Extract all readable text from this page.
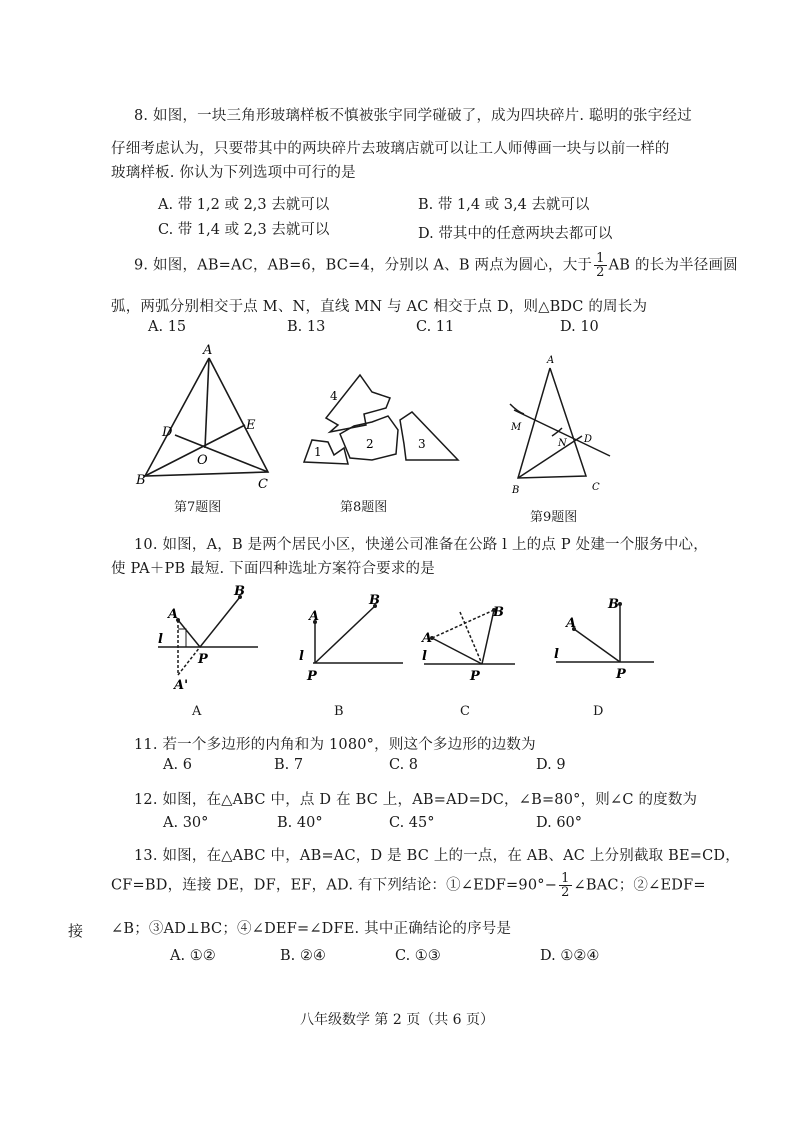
8. 如图，一块三角形玻璃样板不慎被张宇同学碰破了，成为四块碎片. 聪明的张宇经过
仔细考虑认为，只要带其中的两块碎片去玻璃店就可以让工人师傅画一块与以前一样的
玻璃样板. 你认为下列选项中可行的是
A. 带 1,2 或 2,3 去就可以	B. 带 1,4 或 3,4 去就可以
C. 带 1,4 或 2,3 去就可以	D. 带其中的任意两块去都可以
9. 如图，AB=AC，AB=6，BC=4，分别以 A、B 两点为圆心，大于 $\frac{1}{2}$ AB 的长为半径画圆
弧，两弧分别相交于点 M、N，直线 MN 与 AC 相交于点 D，则△BDC 的周长为
A. 15	B. 13	C. 11	D. 10
A
B	C
D	E
O
第7题图
4
1
2	3
第8题图
A
B	C
D
M
N
第9题图
10. 如图，A，B 是两个居民小区，快递公司准备在公路 l 上的点 P 处建一个服务中心，
使 PA＋PB 最短. 下面四种选址方案符合要求的是
A
B
P
l
A'
A
A
B
P
l
B
A
B
P
l
C
A
B
P
l
D
11. 若一个多边形的内角和为 1080°，则这个多边形的边数为
A. 6	B. 7	C. 8	D. 9
12. 如图，在△ABC 中，点 D 在 BC 上，AB=AD=DC，∠B=80°，则∠C 的度数为
A. 30°	B. 40°	C. 45°	D. 60°
13. 如图，在△ABC 中，AB=AC，D 是 BC 上的一点，在 AB、AC 上分别截取 BE=CD，
CF=BD，连接 DE，DF，EF，AD. 有下列结论：①∠EDF=90°− $\frac{1}{2}$ ∠BAC；②∠EDF=
∠B；③AD⊥BC；④∠DEF=∠DFE. 其中正确结论的序号是
A. ①②	B. ②④	C. ①③	D. ①②④
接
八年级数学 第 2 页（共 6 页）
